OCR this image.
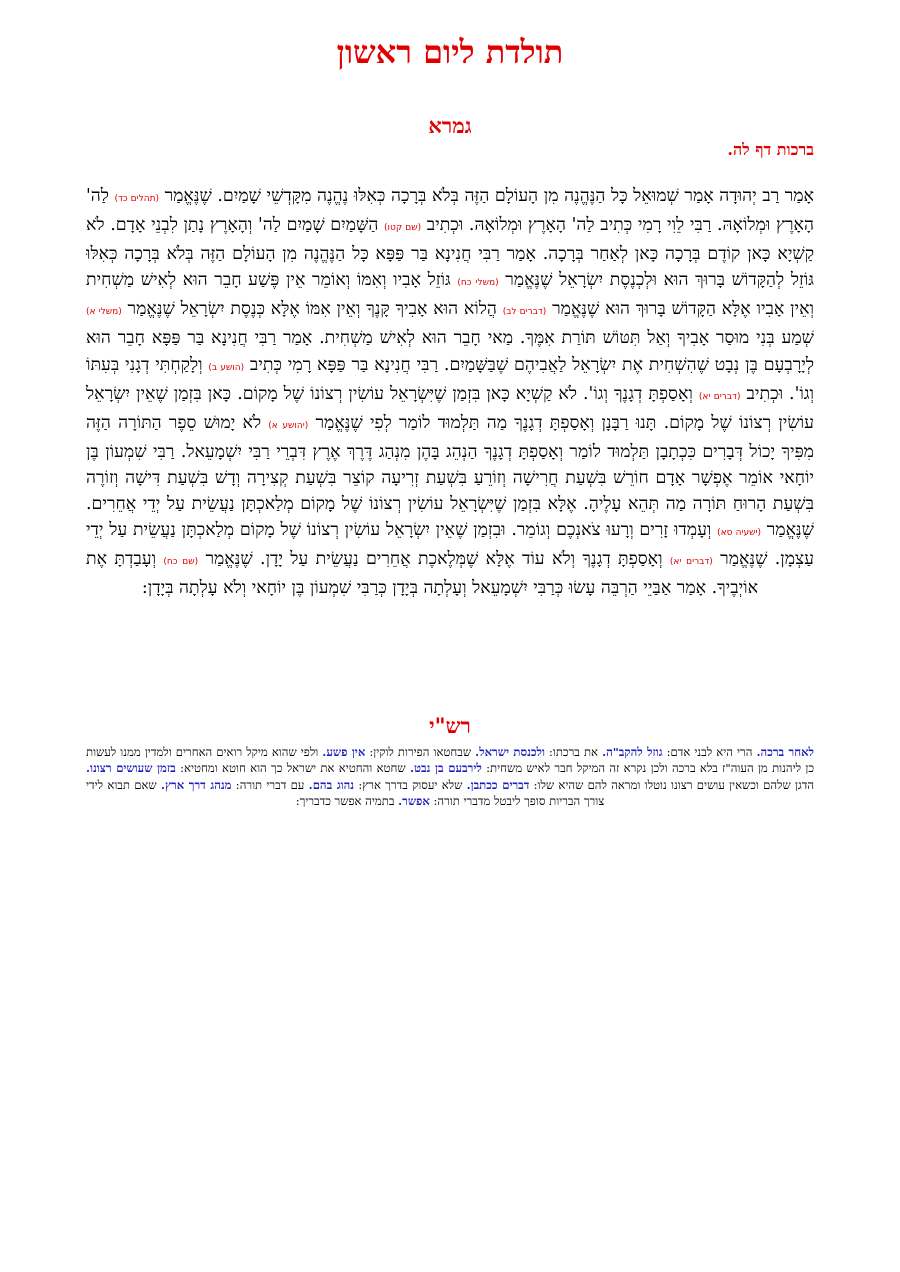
תולדת ליום ראשון
גמרא
ברכות דף לה.

אָמַר רַב יְהוּדָה אָמַר שְׁמוּאֵל כָּל הַנֶּהֱנֶה מִן הָעוֹלָם הַזֶּה בְּלֹא בְּרָכָה כְּאִלּוּ נֶהֱנֶה מִקָּדְשֵׁי שָׁמַיִם. שֶׁנֶּאֱמַר (תהלים כד) לַה' הָאָרֶץ וּמְלוֹאָהּ. רַבִּי לֵוִי רָמִי כְּתִיב לַה' הָאָרֶץ וּמְלוֹאָהּ. וּכְתִיב (שם קטו) הַשָּׁמַיִם שָׁמַיִם לַה' וְהָאָרֶץ נָתַן לִבְנֵי אָדָם. לֹא קַשְׁיָא כָּאן קוֹדֶם בְּרָכָה כָּאן לְאַחַר בְּרָכָה. אָמַר רַבִּי חֲנִינָא בַּר פַּפָּא כָּל הַנֶּהֱנֶה מִן הָעוֹלָם הַזֶּה בְּלֹא בְּרָכָה כְּאִלּוּ גּוֹזֵל לְהַקָּדוֹשׁ בָּרוּךְ הוּא וּלְכְנֶסֶת יִשְׂרָאֵל שֶׁנֶּאֱמַר (משלי כח) גּוֹזֵל אָבִיו וְאִמּוֹ וְאוֹמֵר אֵין פֶּשַׁע חָבֵר הוּא לְאִישׁ מַשְׁחִית וְאֵין אָבִיו אֶלָּא הַקָּדוֹשׁ בָּרוּךְ הוּא שֶׁנֶּאֱמַר (דברים לב) הֲלוֹא הוּא אָבִיךָ קָּנֶךָ וְאֵין אִמּוֹ אֶלָּא כְּנֶסֶת יִשְׂרָאֵל שֶׁנֶּאֱמַר (משלי א) שְׁמַע בְּנִי מוּסַר אָבִיךָ וְאַל תִּטּוֹשׁ תּוֹרַת אִמֶּךָ. מַאי חָבֵר הוּא לְאִישׁ מַשְׁחִית. אָמַר רַבִּי חֲנִינָא בַּר פַּפָּא חָבֵר הוּא לְיָרָבְעָם בֶּן נְבָט שֶׁהִשְׁחִית אֶת יִשְׂרָאֵל לַאֲבִיהֶם שֶׁבַּשָּׁמַיִם. רַבִּי חֲנִינָא בַּר פַּפָּא רָמִי כְּתִיב (הושע ב) וְלָקַחְתִּי דְגָנִי בְּעִתּוֹ וְגוֹ'. וּכְתִיב (דברים יא) וְאָסַפְתָּ דְגָנֶךָ וְגוֹ'. לֹא קַשְׁיָא כָּאן בִּזְמַן שֶׁיִּשְׂרָאֵל עוֹשִׂין רְצוֹנוֹ שֶׁל מָקוֹם. כָּאן בִּזְמַן שֶׁאֵין יִשְׂרָאֵל עוֹשִׂין רְצוֹנוֹ שֶׁל מָקוֹם. תָּנוּ רַבָּנָן וְאָסַפְתָּ דְגָנֶךָ מַה תַּלְמוּד לוֹמַר לְפִי שֶׁנֶּאֱמַר (יהושע א) לֹא יָמוּשׁ סֵפֶר הַתּוֹרָה הַזֶּה מִפִּיךָ יָכוֹל דְּבָרִים כִּכְתָבָן תַּלְמוּד לוֹמַר וְאָסַפְתָּ דְגָנֶךָ הַנְהֵג בָּהֶן מִנְהַג דֶּרֶךְ אֶרֶץ דִּבְרֵי רַבִּי יִשְׁמָעֵאל. רַבִּי שִׁמְעוֹן בֶּן יוֹחָאי אוֹמֵר אֶפְשָׁר אָדָם חוֹרֵשׁ בִּשְׁעַת חֲרִישָׁה וְזוֹרֵעַ בִּשְׁעַת זְרִיעָה קוֹצֵר בִּשְׁעַת קְצִירָה וְדָשׁ בִּשְׁעַת דִּישָׁה וְזוֹרֶה בִּשְׁעַת הָרוּחַ תּוֹרָה מַה תְּהֵא עָלֶיהָ. אֶלָּא בִּזְמַן שֶׁיִּשְׂרָאֵל עוֹשִׂין רְצוֹנוֹ שֶׁל מָקוֹם מְלַאכְתָּן נַעֲשֵׂית עַל יְדֵי אֲחֵרִים. שֶׁנֶּאֱמַר (ישעיה סא) וְעָמְדוּ זָרִים וְרָעוּ צֹאנְכֶם וְגוֹמֵר. וּבִזְמַן שֶׁאֵין יִשְׂרָאֵל עוֹשִׂין רְצוֹנוֹ שֶׁל מָקוֹם מְלַאכְתָּן נַעֲשֵׂית עַל יְדֵי עַצְמָן. שֶׁנֶּאֱמַר (דברים יא) וְאָסַפְתָּ דְגָנֶךָ וְלֹא עוֹד אֶלָּא שֶׁמְּלֶאכֶת אֲחֵרִים נַעֲשֵׂית עַל יָדָן. שֶׁנֶּאֱמַר (שם כח) וְעָבַדְתָּ אֶת אוֹיְבֶיךָ. אָמַר אַבַּיֵי הַרְבֵּה עָשׂוּ כְּרַבִּי יִשְׁמָעֵאל וְעָלְתָה בְּיָדָן כְּרַבִּי שִׁמְעוֹן בֶּן יוֹחָאי וְלֹא עָלְתָה בְּיָדָן:

רש"י

לאחר ברכה. הרי היא לבני אדם: גוזל להקב"ה. את ברכתו: ולכנסת ישראל. שבחטאו הפירות לוקין: אין פשע. ולפי שהוא מיקל רואים האחרים ולמדין ממנו לעשות כן ליהנות מן העוה"ז בלא ברכה ולכן נקרא זה המיקל חבר לאיש משחית: לירבעם בן נבט. שחטא והחטיא את ישראל כך הוא חוטא ומחטיא: בזמן שעושים רצונו. הדגן שלהם וכשאין עושים רצונו נוטלו ומראה להם שהיא שלו: דברים ככתבן. שלא יעסוק בדרך ארץ: נהוג בהם. עם דברי תורה: מנהג דרך ארץ. שאם תבוא לידי צורך הבריות סופך ליבטל מדברי תורה: אפשר. בתמיה אפשר כדבריך:
